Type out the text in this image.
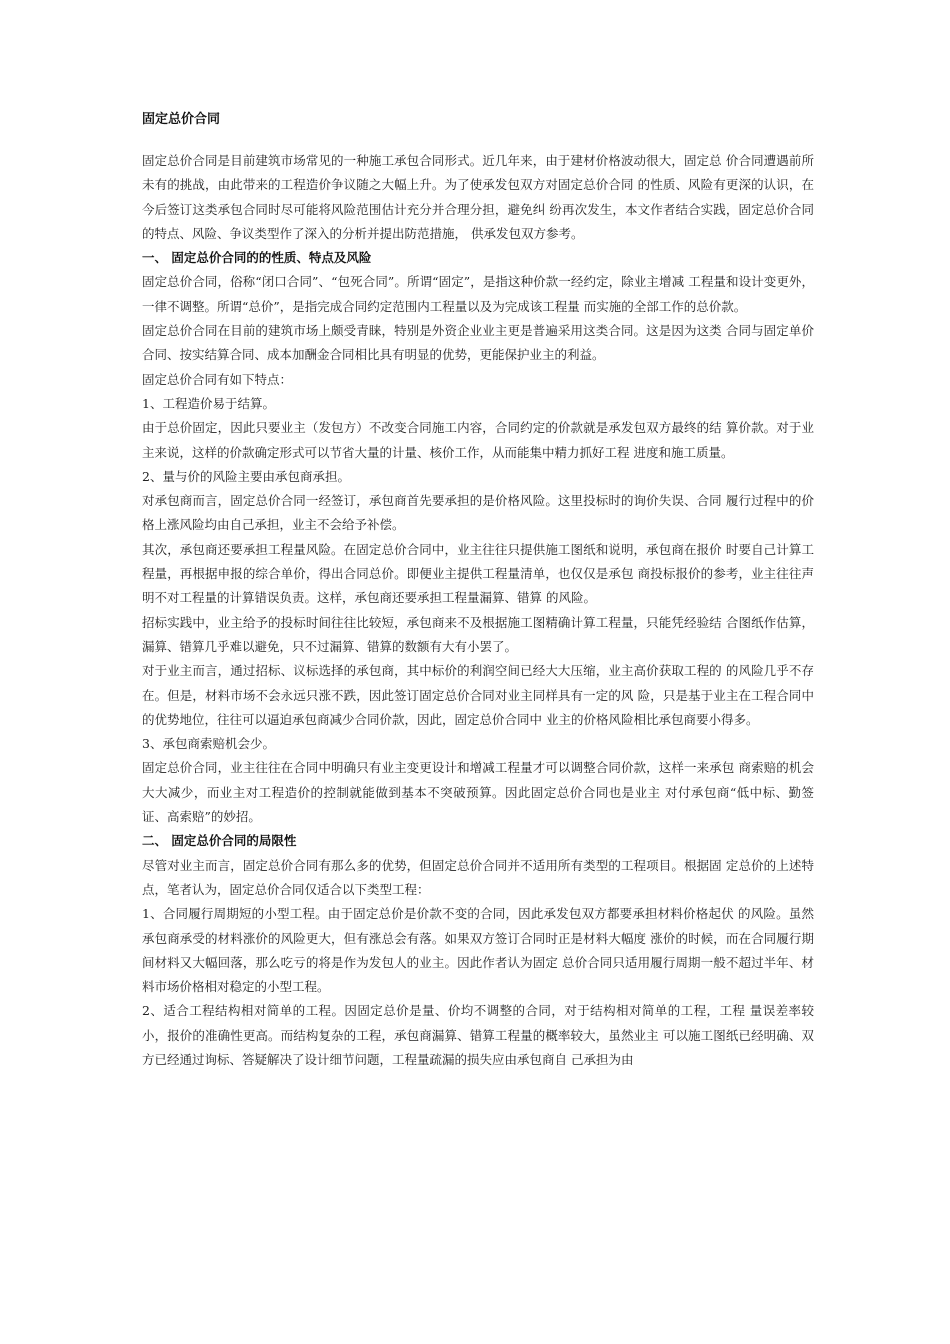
固定总价合同

固定总价合同是目前建筑市场常见的一种施工承包合同形式。近几年来，由于建材价格波动很大，固定总 价合同遭遇前所未有的挑战，由此带来的工程造价争议随之大幅上升。为了使承发包双方对固定总价合同 的性质、风险有更深的认识，在今后签订这类承包合同时尽可能将风险范围估计充分并合理分担，避免纠 纷再次发生，本文作者结合实践，固定总价合同的特点、风险、争议类型作了深入的分析并提出防范措施， 供承发包双方参考。

一、 固定总价合同的的性质、特点及风险

固定总价合同，俗称“闭口合同”、“包死合同”。所谓“固定”，是指这种价款一经约定，除业主增减 工程量和设计变更外，一律不调整。所谓“总价”，是指完成合同约定范围内工程量以及为完成该工程量 而实施的全部工作的总价款。

固定总价合同在目前的建筑市场上颇受青睐，特别是外资企业业主更是普遍采用这类合同。这是因为这类 合同与固定单价合同、按实结算合同、成本加酬金合同相比具有明显的优势，更能保护业主的利益。

固定总价合同有如下特点：

1、工程造价易于结算。

由于总价固定，因此只要业主（发包方）不改变合同施工内容，合同约定的价款就是承发包双方最终的结 算价款。对于业主来说，这样的价款确定形式可以节省大量的计量、核价工作，从而能集中精力抓好工程 进度和施工质量。

2、量与价的风险主要由承包商承担。

对承包商而言，固定总价合同一经签订，承包商首先要承担的是价格风险。这里投标时的询价失误、合同 履行过程中的价格上涨风险均由自己承担，业主不会给予补偿。

其次，承包商还要承担工程量风险。在固定总价合同中，业主往往只提供施工图纸和说明，承包商在报价 时要自己计算工程量，再根据申报的综合单价，得出合同总价。即便业主提供工程量清单，也仅仅是承包 商投标报价的参考，业主往往声明不对工程量的计算错误负责。这样，承包商还要承担工程量漏算、错算 的风险。

招标实践中，业主给予的投标时间往往比较短，承包商来不及根据施工图精确计算工程量，只能凭经验结 合图纸作估算，漏算、错算几乎难以避免，只不过漏算、错算的数额有大有小罢了。

对于业主而言，通过招标、议标选择的承包商，其中标价的利润空间已经大大压缩，业主高价获取工程的 的风险几乎不存在。但是，材料市场不会永远只涨不跌，因此签订固定总价合同对业主同样具有一定的风 险，只是基于业主在工程合同中的优势地位，往往可以逼迫承包商减少合同价款，因此，固定总价合同中 业主的价格风险相比承包商要小得多。

3、承包商索赔机会少。

固定总价合同，业主往往在合同中明确只有业主变更设计和增减工程量才可以调整合同价款，这样一来承包 商索赔的机会大大减少，而业主对工程造价的控制就能做到基本不突破预算。因此固定总价合同也是业主 对付承包商“低中标、勤签证、高索赔”的妙招。

二、 固定总价合同的局限性

尽管对业主而言，固定总价合同有那么多的优势，但固定总价合同并不适用所有类型的工程项目。根据固 定总价的上述特点，笔者认为，固定总价合同仅适合以下类型工程：

1、合同履行周期短的小型工程。由于固定总价是价款不变的合同，因此承发包双方都要承担材料价格起伏 的风险。虽然承包商承受的材料涨价的风险更大，但有涨总会有落。如果双方签订合同时正是材料大幅度 涨价的时候，而在合同履行期间材料又大幅回落，那么吃亏的将是作为发包人的业主。因此作者认为固定 总价合同只适用履行周期一般不超过半年、材料市场价格相对稳定的小型工程。

2、适合工程结构相对简单的工程。因固定总价是量、价均不调整的合同，对于结构相对简单的工程，工程 量误差率较小，报价的准确性更高。而结构复杂的工程，承包商漏算、错算工程量的概率较大，虽然业主 可以施工图纸已经明确、双方已经通过询标、答疑解决了设计细节问题，工程量疏漏的损失应由承包商自 己承担为由
